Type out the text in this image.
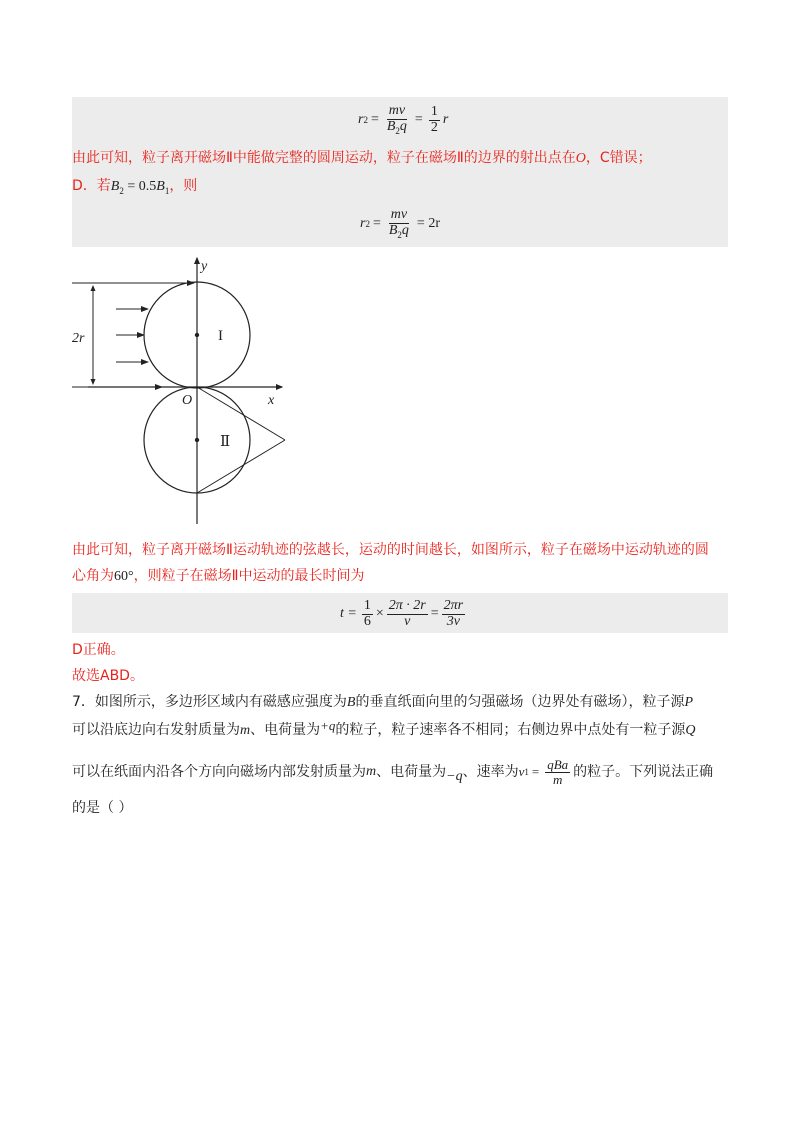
r $2 = \frac{mv}{B_2q} = \frac{1}{2}$ r
由此可知，粒子离开磁场Ⅱ中能做完整的圆周运动，粒子在磁场Ⅱ的边界的射出点在O，C错误；
D．若$B_2 = 0.5B_1$，则
r $2 = \frac{mv}{B_2q} = 2r$
2r
y
x
O
I
Ⅱ
由此可知，粒子离开磁场Ⅱ运动轨迹的弦越长，运动的时间越长，如图所示，粒子在磁场中运动轨迹的圆
心角为60°，则粒子在磁场Ⅱ中运动的最长时间为
$t = \frac{1}{6} \times \frac{2\pi \cdot 2r}{v} = \frac{2\pi r}{3v}$
D正确。
故选ABD。
7．如图所示，多边形区域内有磁感应强度为B的垂直纸面向里的匀强磁场（边界处有磁场），粒子源P
可以沿底边向右发射质量为m、电荷量为+q的粒子，粒子速率各不相同；右侧边界中点处有一粒子源Q
可以在纸面内沿各个方向向磁场内部发射质量为 m 、电荷量为 −q 、速率为 v $1 = \frac{\text{qBa}}{m}$ 的粒子。下列说法正确
的是（ ）
